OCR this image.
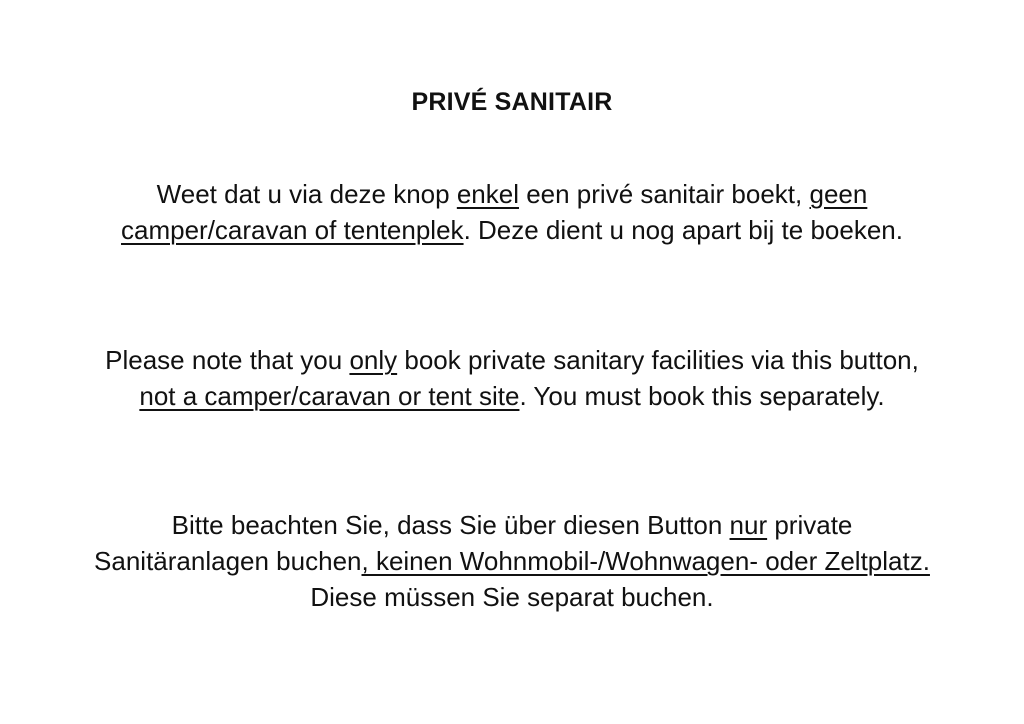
PRIVÉ SANITAIR

Weet dat u via deze knop enkel een privé sanitair boekt, geen camper/caravan of tentenplek. Deze dient u nog apart bij te boeken.

Please note that you only book private sanitary facilities via this button, not a camper/caravan or tent site. You must book this separately.

Bitte beachten Sie, dass Sie über diesen Button nur private Sanitäranlagen buchen, keinen Wohnmobil-/Wohnwagen- oder Zeltplatz. Diese müssen Sie separat buchen.
